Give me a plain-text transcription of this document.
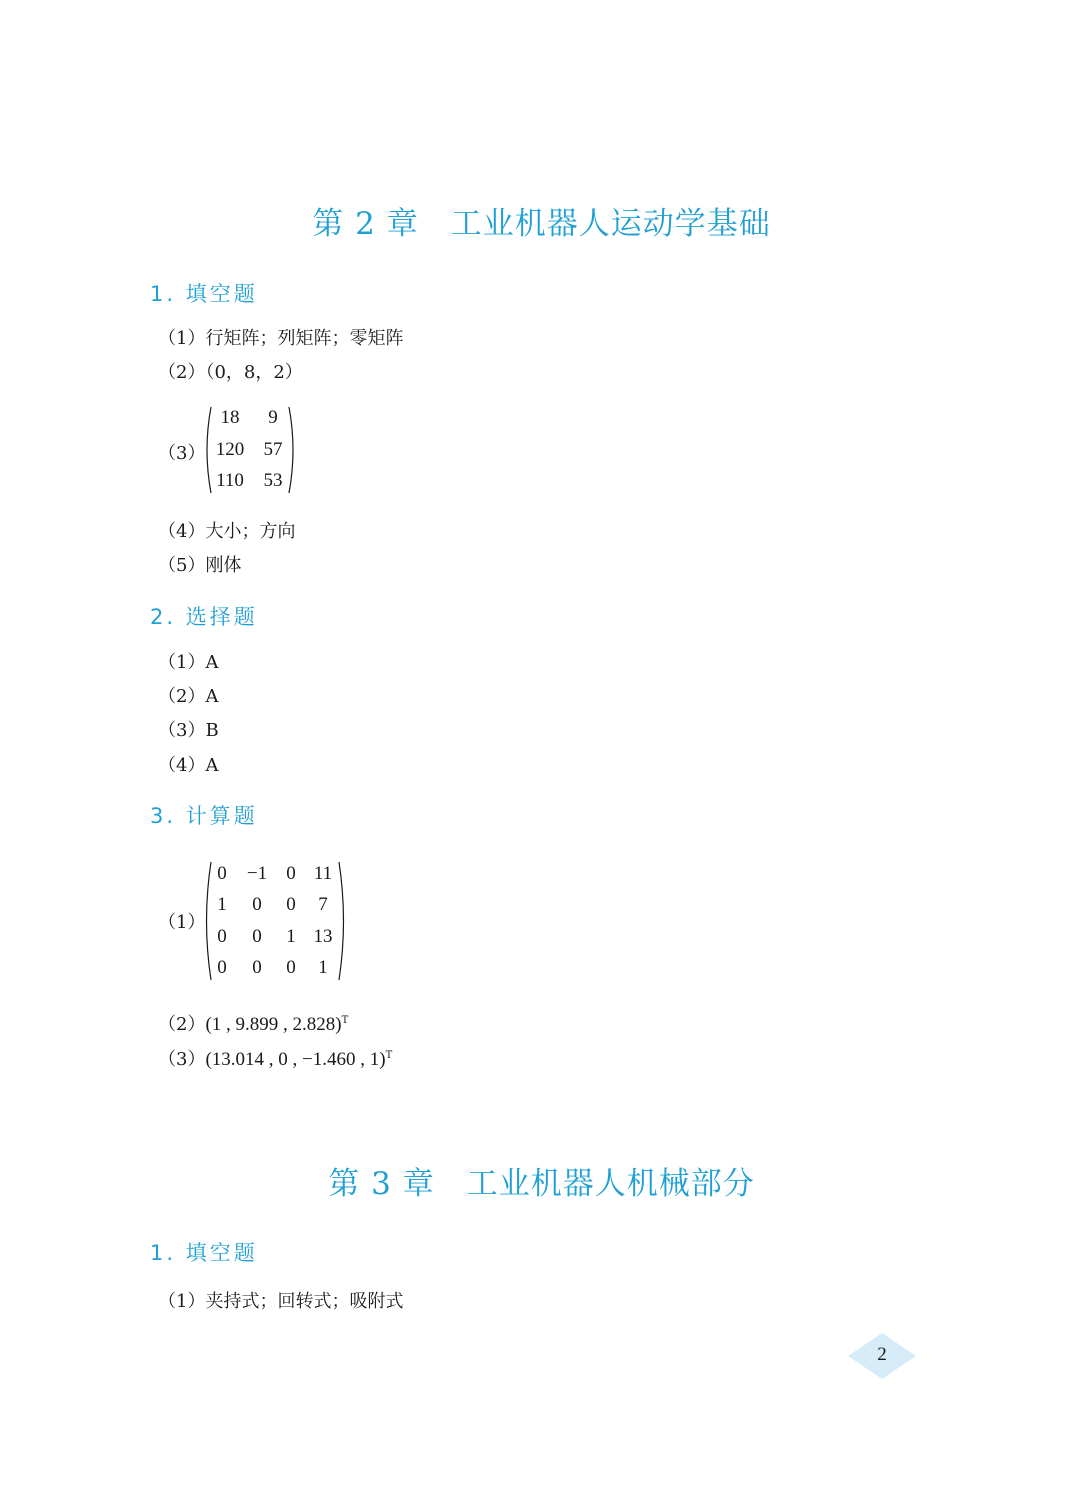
第 2 章　工业机器人运动学基础
1. 填空题
（1）行矩阵；列矩阵；零矩阵
（2）（0，8，2）
（3）
18	9
120 57
110 53
（4）大小；方向
（5）刚体
2. 选择题
（1）A
（2）A
（3）B
（4）A
3. 计算题
（1）
0	−1	0 11
1	0	0	7
0	0	1 13
0	0	0	1
（2）(1 , 9.899 , 2.828)$^T$
（3）(13.014 , 0 , −1.460 , 1)$^T$
第 3 章　工业机器人机械部分
1. 填空题
（1）夹持式；回转式；吸附式
2
